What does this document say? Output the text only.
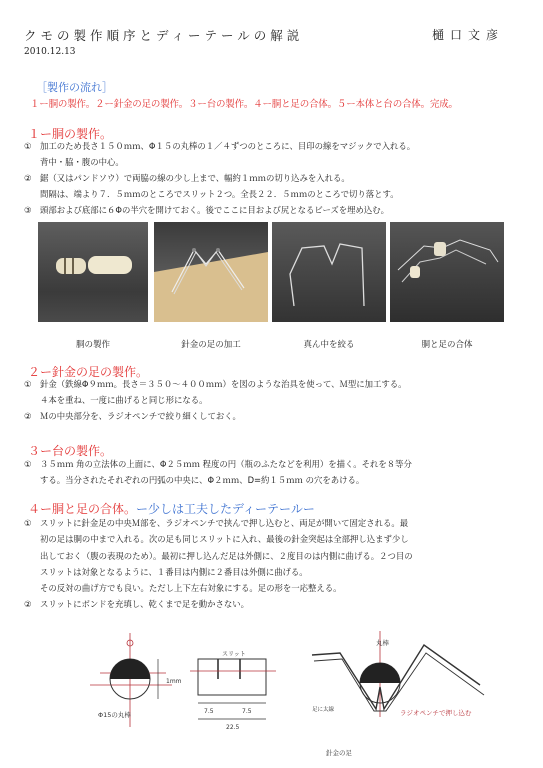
クモの製作順序とディーテールの解説	樋口文彦
2010.12.13
［製作の流れ］
１ー胴の製作。２ー針金の足の製作。３ー台の製作。４ー胴と足の合体。５ー本体と台の合体。完成。
１ー胴の製作。
① 加工のため長さ１５０ｍｍ、Φ１５の丸棒の１／４ずつのところに、目印の線をマジックで入れる。
背中・脇・腹の中心。
② 鋸（又はパンドソウ）で両脇の線の少し上まで、幅約１ｍｍの切り込みを入れる。
間隔は、端より７．５ｍｍのところでスリット２つ。全長２２．５ｍｍのところで切り落とす。
③ 頭部および底部に６Φの半穴を開けておく。後でここに目および尻となるビーズを埋め込む。
胴の製作	針金の足の加工	真ん中を絞る	胴と足の合体
２ー針金の足の製作。
① 針金（鉄線Φ９ｍｍ。長さ＝３５０～４００ｍｍ）を図のような治具を使って、Ｍ型に加工する。
４本を重ね、一度に曲げると同じ形になる。
② Ｍの中央部分を、ラジオペンチで絞り細くしておく。
３ー台の製作。
① ３５ｍｍ 角の立法体の上面に、Φ２５ｍｍ 程度の円（瓶のふたなどを利用）を描く。それを８等分
する。当分されたそれぞれの円弧の中央に、Φ２ｍｍ、D=約１５ｍｍ の穴をあける。
４ー胴と足の合体。ー少しは工夫したディーテールー
① スリットに針金足の中央Ｍ部を、ラジオペンチで挟んで押し込むと、両足が開いて固定される。最
初の足は胴の中まで入れる。次の足も同じスリットに入れ、最後の針金突起は全部押し込まず少し
出しておく（腹の表現のため）。最初に押し込んだ足は外側に、２度目のは内側に曲げる。２つ目の
スリットは対象となるように、１番目は内側に２番目は外側に曲げる。
その反対の曲げ方でも良い。ただし上下左右対象にする。足の形を一応整える。
② スリットにボンドを充填し、乾くまで足を動かさない。
1mm
Φ15の丸棒
スリット
7.5	7.5
22.5
丸棒
ラジオペンチで押し込む
足に太線
針金の足
